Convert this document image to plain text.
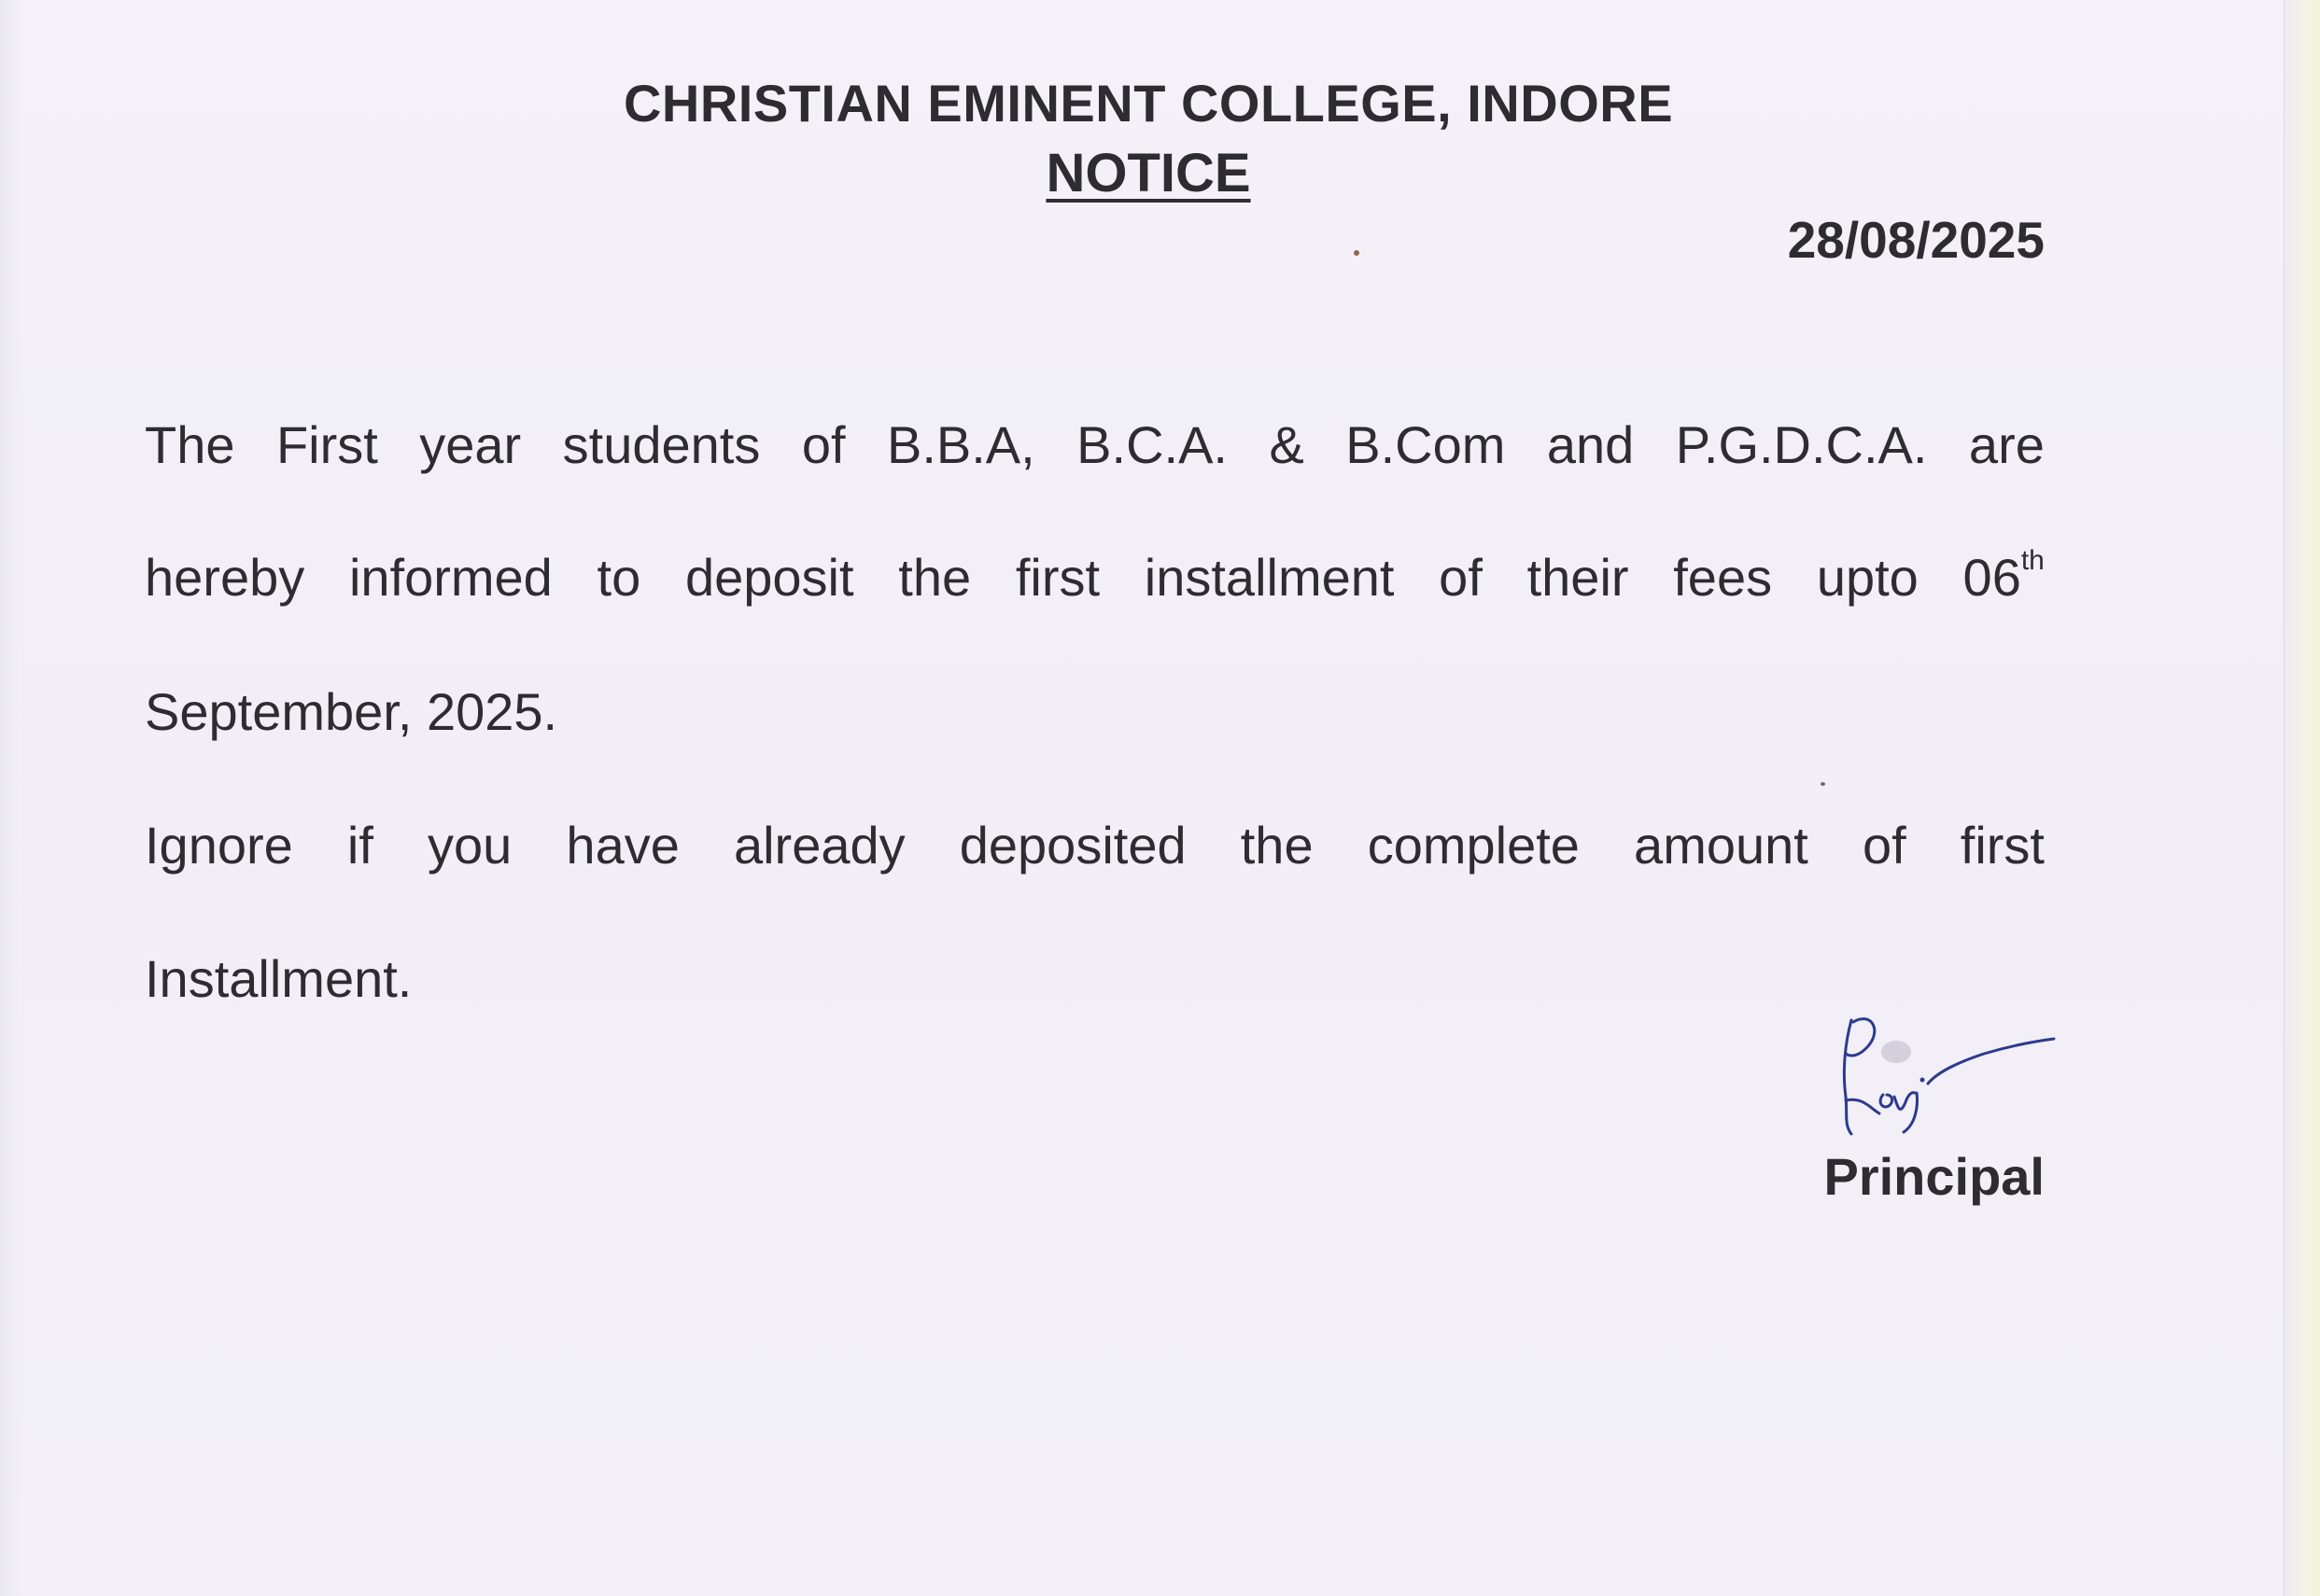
CHRISTIAN EMINENT COLLEGE, INDORE
NOTICE
28/08/2025
The First year students of B.B.A, B.C.A. & B.Com and P.G.D.C.A. are
hereby informed to deposit the first installment of their fees upto 06th
September, 2025.
Ignore if you have already deposited the complete amount of first
Installment.
Principal
